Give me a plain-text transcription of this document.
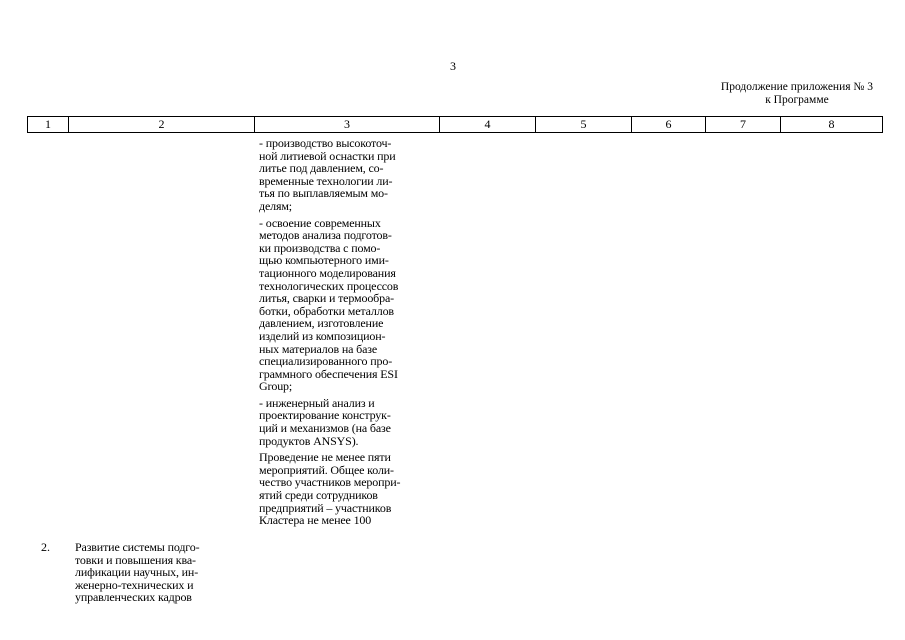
3
Продолжение приложения № 3
к Программе
1	2	3	4	5	6	7	8

- производство высокоточ-
ной литиевой оснастки при
литье под давлением, со-
временные технологии ли-
тья по выплавляемым мо-
делям;

- освоение современных
методов анализа подготов-
ки производства с помо-
щью компьютерного ими-
тационного моделирования
технологических процессов
литья, сварки и термообра-
ботки, обработки металлов
давлением, изготовление
изделий из композицион-
ных материалов на базе
специализированного про-
граммного обеспечения ESI
Group;

- инженерный анализ и
проектирование конструк-
ций и механизмов (на базе
продуктов ANSYS).

Проведение не менее пяти
мероприятий. Общее коли-
чество участников меропри-
ятий среди сотрудников
предприятий – участников
Кластера не менее 100

2. Развитие системы подго-
товки и повышения ква-
лификации научных, ин-
женерно-технических и
управленческих кадров
